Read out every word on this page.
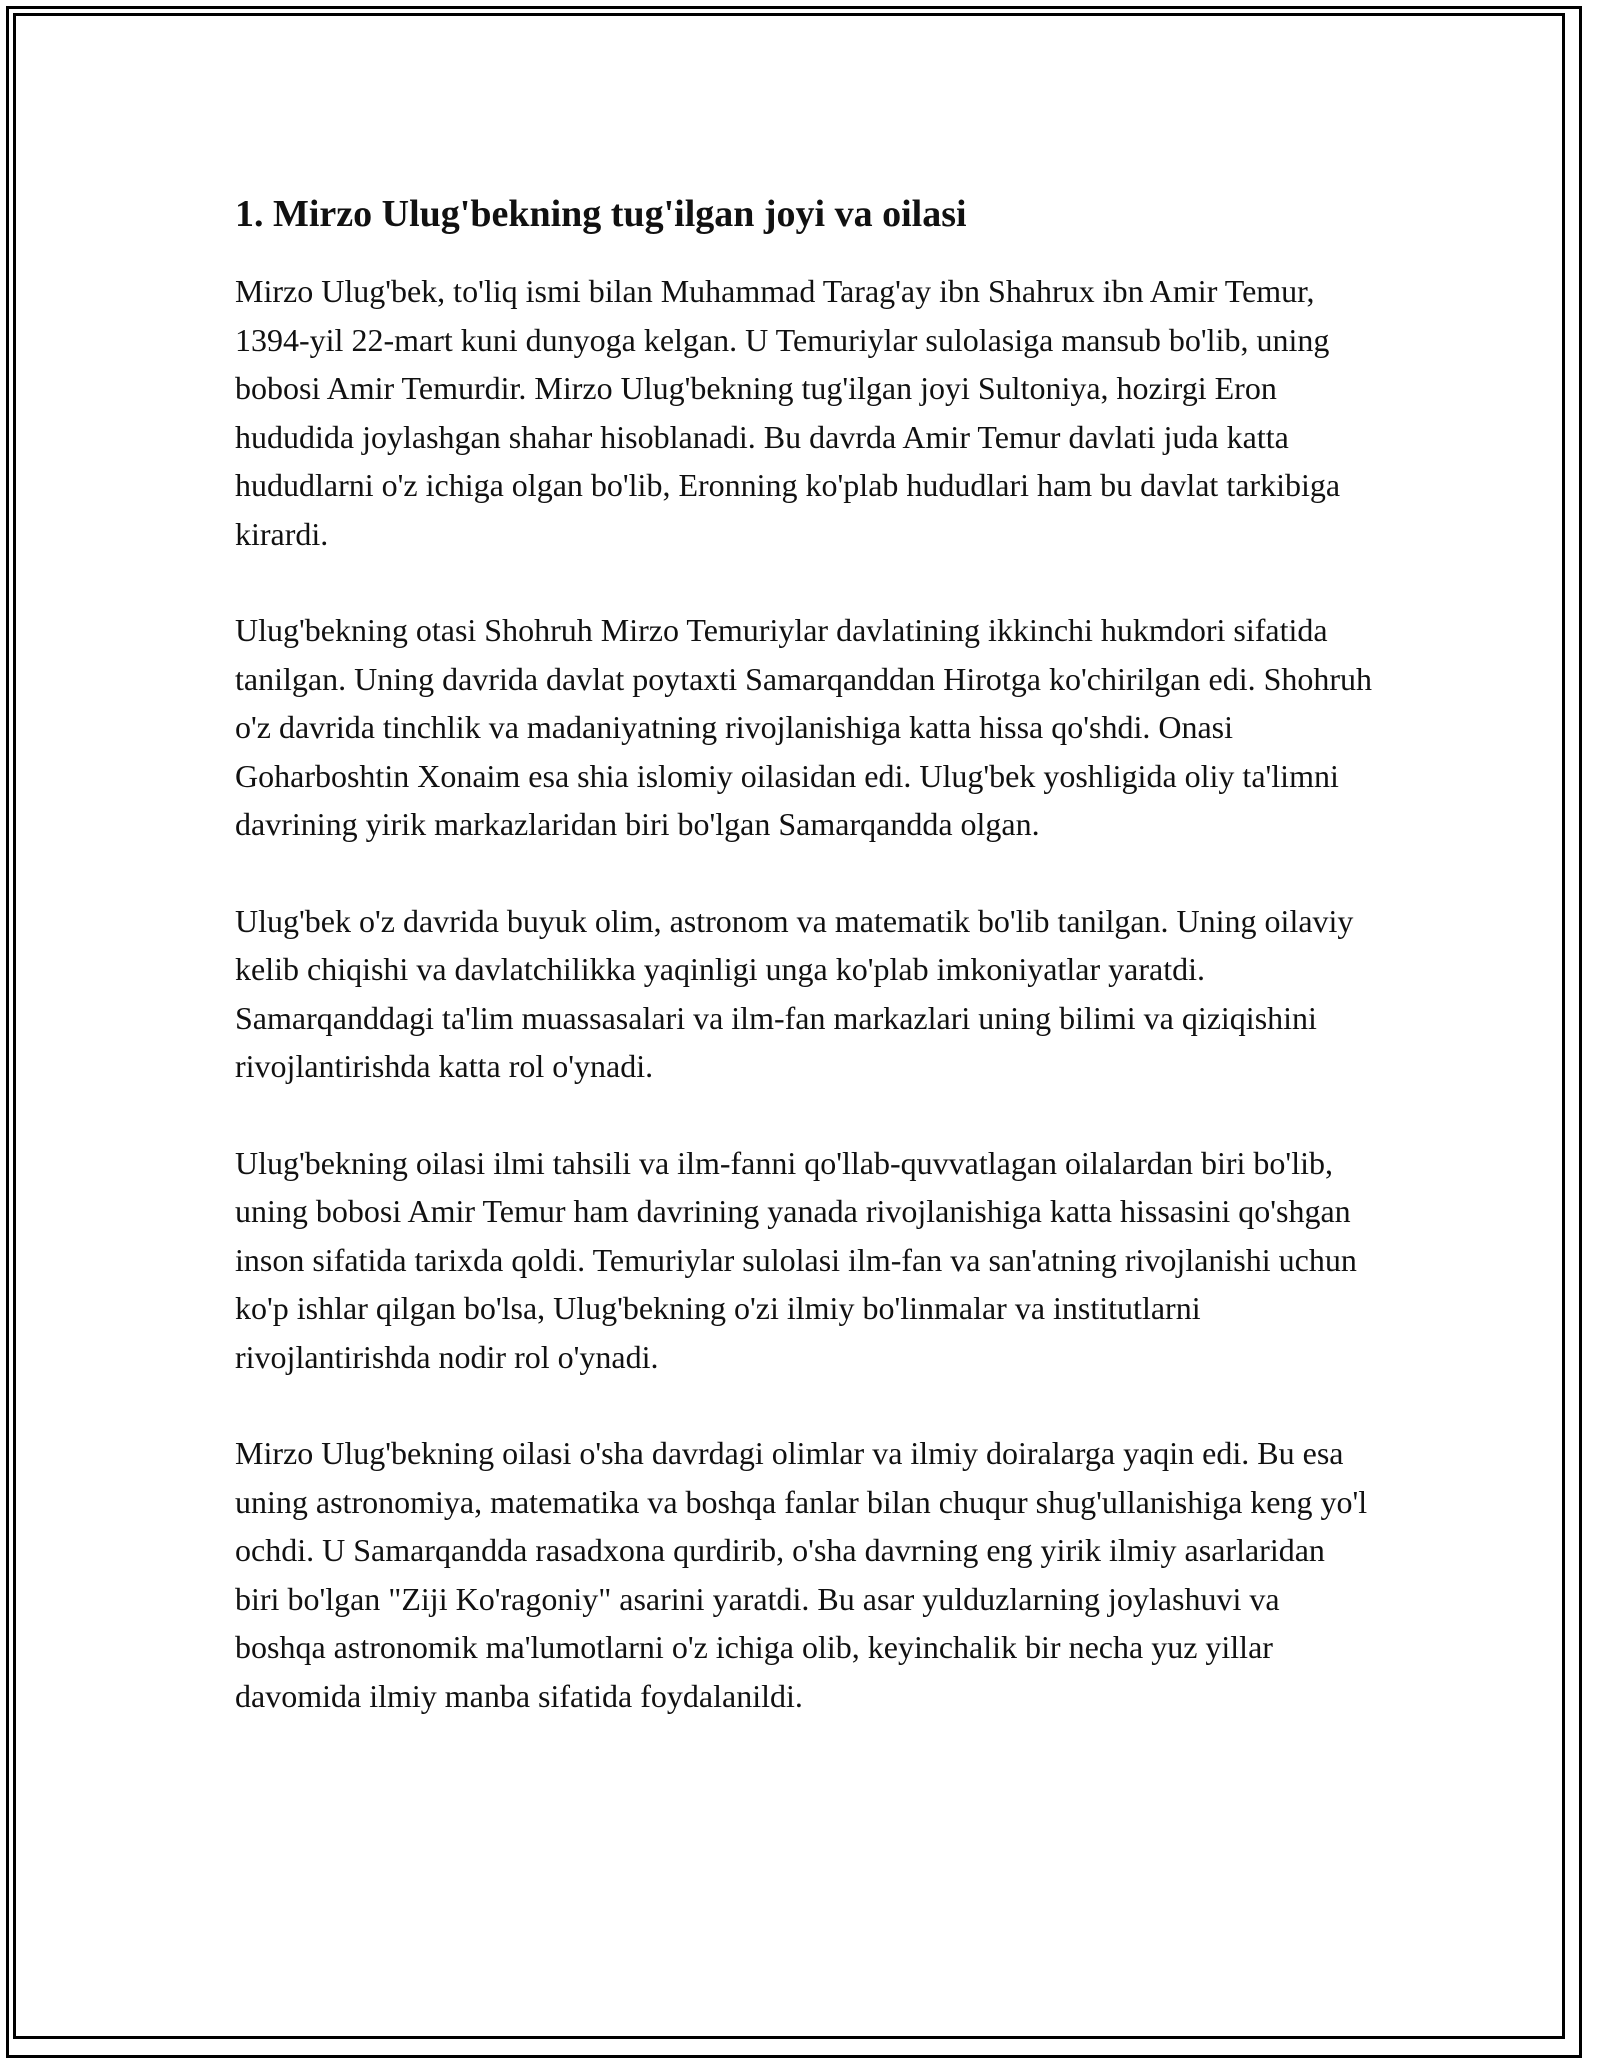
1. Mirzo Ulug'bekning tug'ilgan joyi va oilasi

Mirzo Ulug'bek, to'liq ismi bilan Muhammad Tarag'ay ibn Shahrux ibn Amir Temur, 1394-yil 22-mart kuni dunyoga kelgan. U Temuriylar sulolasiga mansub bo'lib, uning bobosi Amir Temurdir. Mirzo Ulug'bekning tug'ilgan joyi Sultoniya, hozirgi Eron hududida joylashgan shahar hisoblanadi. Bu davrda Amir Temur davlati juda katta hududlarni o'z ichiga olgan bo'lib, Eronning ko'plab hududlari ham bu davlat tarkibiga kirardi.

Ulug'bekning otasi Shohruh Mirzo Temuriylar davlatining ikkinchi hukmdori sifatida tanilgan. Uning davrida davlat poytaxti Samarqanddan Hirotga ko'chirilgan edi. Shohruh o'z davrida tinchlik va madaniyatning rivojlanishiga katta hissa qo'shdi. Onasi Goharboshtin Xonaim esa shia islomiy oilasidan edi. Ulug'bek yoshligida oliy ta'limni davrining yirik markazlaridan biri bo'lgan Samarqandda olgan.

Ulug'bek o'z davrida buyuk olim, astronom va matematik bo'lib tanilgan. Uning oilaviy kelib chiqishi va davlatchilikka yaqinligi unga ko'plab imkoniyatlar yaratdi. Samarqanddagi ta'lim muassasalari va ilm-fan markazlari uning bilimi va qiziqishini rivojlantirishda katta rol o'ynadi.

Ulug'bekning oilasi ilmi tahsili va ilm-fanni qo'llab-quvvatlagan oilalardan biri bo'lib, uning bobosi Amir Temur ham davrining yanada rivojlanishiga katta hissasini qo'shgan inson sifatida tarixda qoldi. Temuriylar sulolasi ilm-fan va san'atning rivojlanishi uchun ko'p ishlar qilgan bo'lsa, Ulug'bekning o'zi ilmiy bo'linmalar va institutlarni rivojlantirishda nodir rol o'ynadi.

Mirzo Ulug'bekning oilasi o'sha davrdagi olimlar va ilmiy doiralarga yaqin edi. Bu esa uning astronomiya, matematika va boshqa fanlar bilan chuqur shug'ullanishiga keng yo'l ochdi. U Samarqandda rasadxona qurdirib, o'sha davrning eng yirik ilmiy asarlaridan biri bo'lgan "Ziji Ko'ragoniy" asarini yaratdi. Bu asar yulduzlarning joylashuvi va boshqa astronomik ma'lumotlarni o'z ichiga olib, keyinchalik bir necha yuz yillar davomida ilmiy manba sifatida foydalanildi.
